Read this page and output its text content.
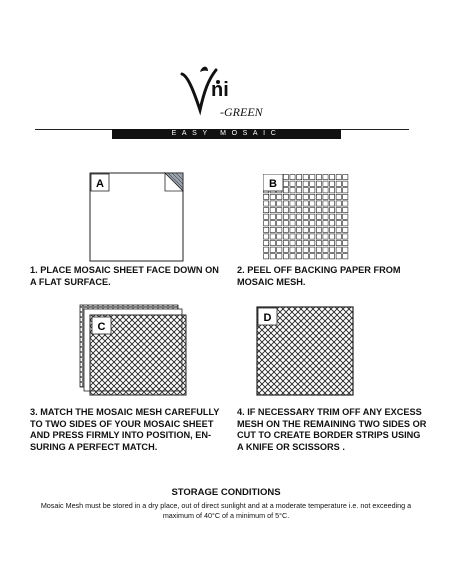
ni
-GREEN
EASY MOSAIC
A	B
C
D
1. PLACE MOSAIC SHEET FACE DOWN ON A FLAT SURFACE.
2. PEEL OFF BACKING PAPER FROM MOSAIC MESH.
3. MATCH THE MOSAIC MESH CAREFULLY TO TWO SIDES OF YOUR MOSAIC SHEET AND PRESS FIRMLY INTO POSITION, EN-SURING A PERFECT MATCH.
4. IF NECESSARY TRIM OFF ANY EXCESS MESH ON THE REMAINING TWO SIDES OR CUT TO CREATE BORDER STRIPS USING A KNIFE OR SCISSORS .
STORAGE CONDITIONS
Mosaic Mesh must be stored in a dry place, out of direct sunlight and at a moderate temperature i.e. not exceeding a maximum of 40°C of a minimum of 5°C.
